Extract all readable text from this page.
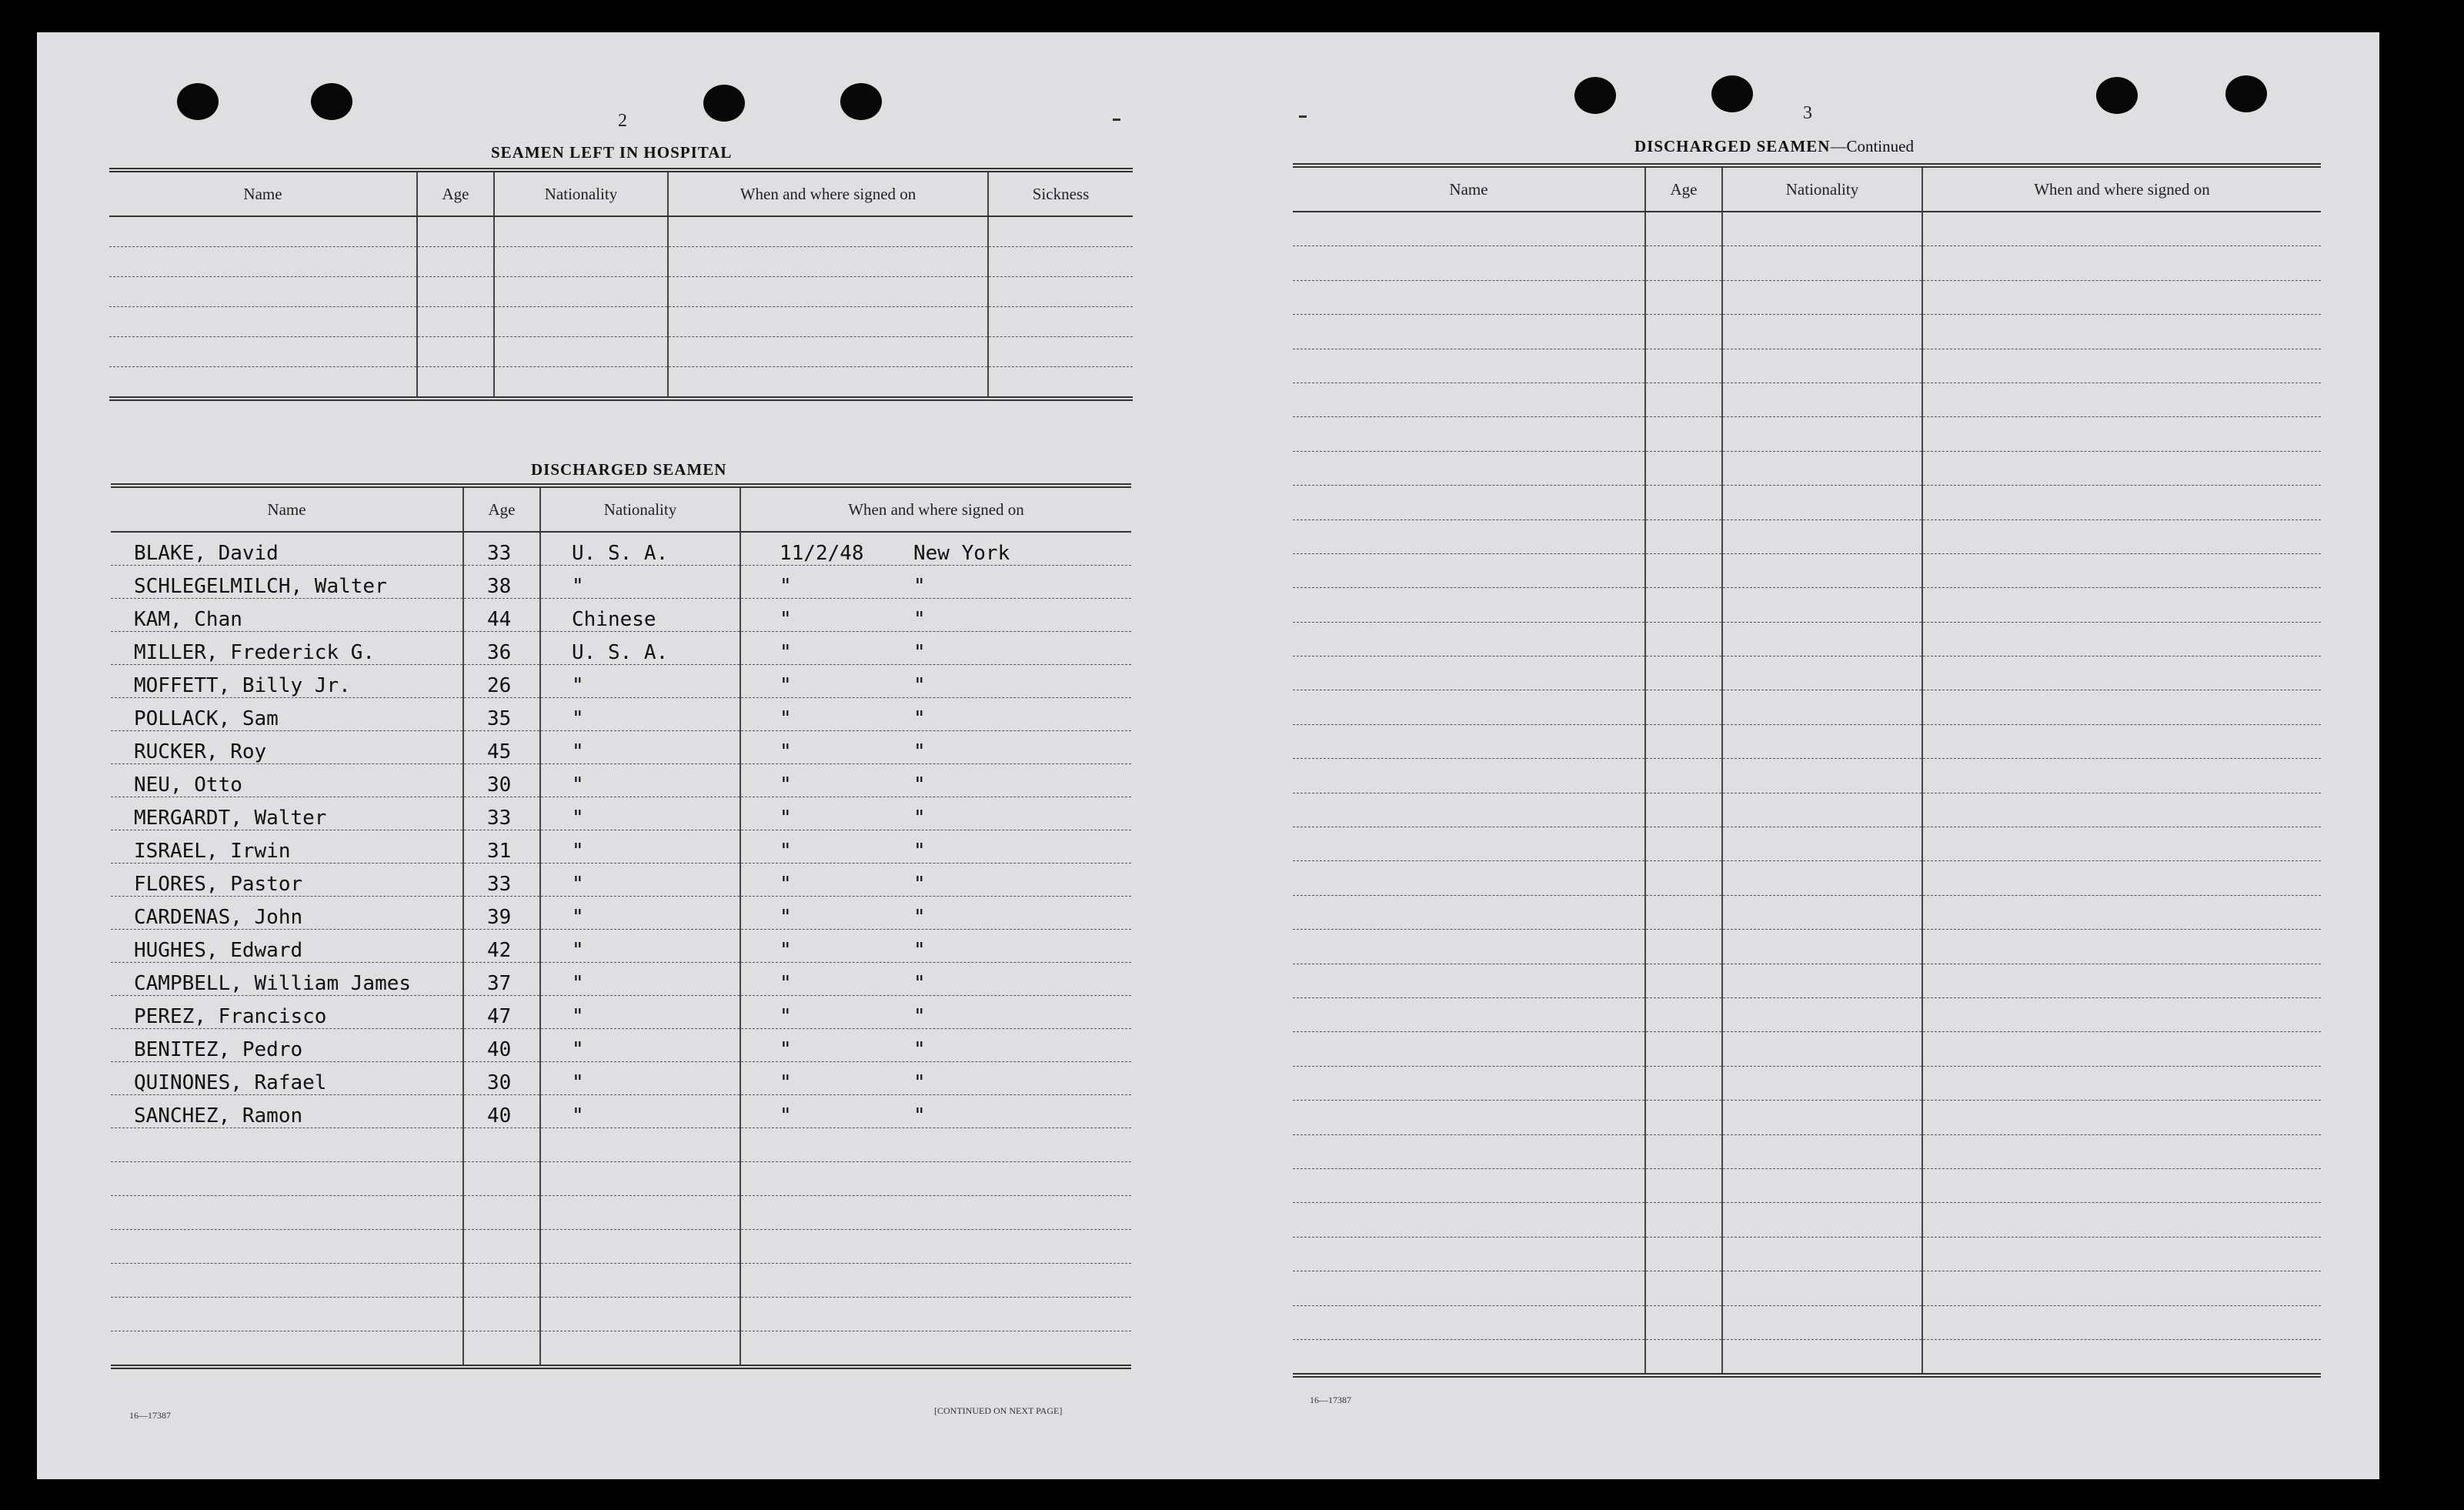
2
SEAMEN LEFT IN HOSPITAL
Name	Age	Nationality	When and where signed on	Sickness

DISCHARGED SEAMEN
Name	Age	Nationality	When and where signed on
BLAKE, David	33	U. S. A.	11/2/48 New York
SCHLEGELMILCH, Walter	38	"	" "
KAM, Chan	44	Chinese	" "
MILLER, Frederick G.	36	U. S. A.	" "
MOFFETT, Billy Jr.	26	"	" "
POLLACK, Sam	35	"	" "
RUCKER, Roy	45	"	" "
NEU, Otto	30	"	" "
MERGARDT, Walter	33	"	" "
ISRAEL, Irwin	31	"	" "
FLORES, Pastor	33	"	" "
CARDENAS, John	39	"	" "
HUGHES, Edward	42	"	" "
CAMPBELL, William James	37	"	" "
PEREZ, Francisco	47	"	" "
BENITEZ, Pedro	40	"	" "
QUINONES, Rafael	30	"	" "
SANCHEZ, Ramon	40	"	" "

16—17387	[CONTINUED ON NEXT PAGE]
3
DISCHARGED SEAMEN—Continued
Name	Age	Nationality	When and where signed on

16—17387
